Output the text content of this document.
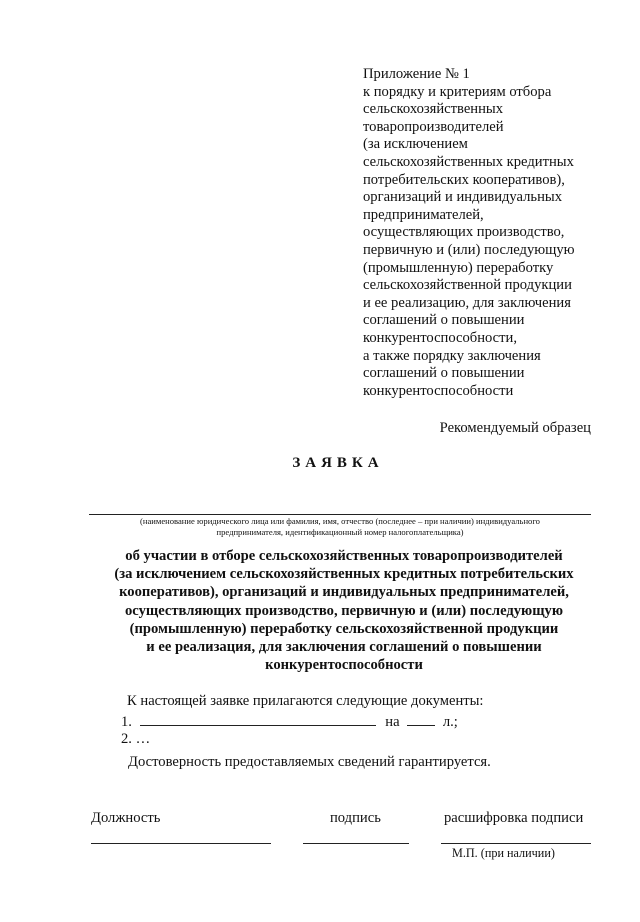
Приложение № 1
к порядку и критериям отбора
сельскохозяйственных
товаропроизводителей
(за исключением
сельскохозяйственных кредитных
потребительских кооперативов),
организаций и индивидуальных
предпринимателей,
осуществляющих производство,
первичную и (или) последующую
(промышленную) переработку
сельскохозяйственной продукции
и ее реализацию, для заключения
соглашений о повышении
конкурентоспособности,
а также порядку заключения
соглашений о повышении
конкурентоспособности
Рекомендуемый образец
ЗАЯВКА
(наименование юридического лица или фамилия, имя, отчество (последнее – при наличии) индивидуального
предпринимателя, идентификационный номер налогоплательщика)
об участии в отборе сельскохозяйственных товаропроизводителей
(за исключением сельскохозяйственных кредитных потребительских
кооперативов), организаций и индивидуальных предпринимателей,
осуществляющих производство, первичную и (или) последующую
(промышленную) переработку сельскохозяйственной продукции
и ее реализация, для заключения соглашений о повышении
конкурентоспособности
К настоящей заявке прилагаются следующие документы:
1.	на	л.;
2. …
Достоверность предоставляемых сведений гарантируется.
Должность	подпись	расшифровка подписи
М.П. (при наличии)
